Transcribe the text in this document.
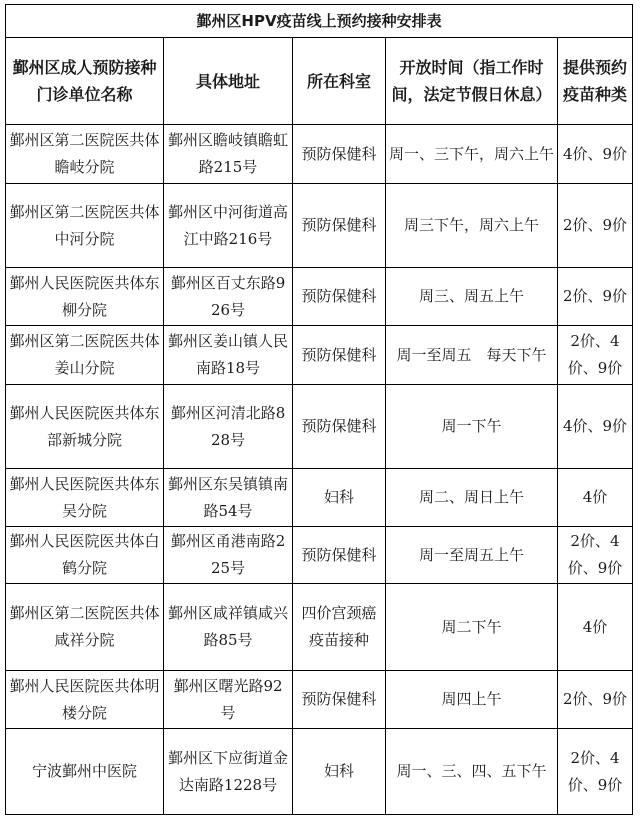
鄞州区HPV疫苗线上预约接种安排表				
鄞州区成人预防接种门诊单位名称	具体地址	所在科室	开放时间（指工作时间，法定节假日休息）	提供预约疫苗种类
鄞州区第二医院医共体瞻岐分院	鄞州区瞻岐镇瞻虹路215号	预防保健科	周一、三下午，周六上午	4价、9价
鄞州区第二医院医共体中河分院	鄞州区中河街道高江中路216号	预防保健科	周三下午，周六上午	2价、9价
鄞州人民医院医共体东柳分院	鄞州区百丈东路926号	预防保健科	周三、周五上午	2价、9价
鄞州区第二医院医共体姜山分院	鄞州区姜山镇人民南路18号	预防保健科	周一至周五　每天下午	2价、4价、9价
鄞州人民医院医共体东部新城分院	鄞州区河清北路828号	预防保健科	周一下午	4价、9价
鄞州人民医院医共体东吴分院	鄞州区东吴镇镇南路54号	妇科	周二、周日上午	4价
鄞州人民医院医共体白鹤分院	鄞州区甬港南路225号	预防保健科	周一至周五上午	2价、4价、9价
鄞州区第二医院医共体咸祥分院	鄞州区咸祥镇咸兴路85号	四价宫颈癌疫苗接种	周二下午	4价
鄞州人民医院医共体明楼分院	鄞州区曙光路92号	预防保健科	周四上午	2价、9价
宁波鄞州中医院	鄞州区下应街道金达南路1228号	妇科	周一、三、四、五下午	2价、4价、9价
